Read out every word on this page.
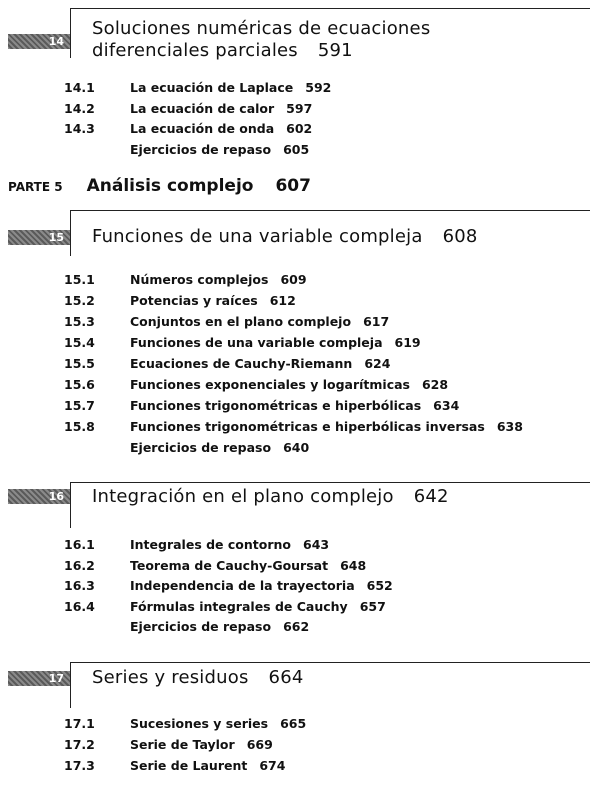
14
Soluciones numéricas de ecuaciones
diferenciales parciales 591
14.1	La ecuación de Laplace 592
14.2	La ecuación de calor 597
14.3	La ecuación de onda 602
Ejercicios de repaso 605
PARTE 5 Análisis complejo 607
15	Funciones de una variable compleja 608
15.1	Números complejos 609
15.2	Potencias y raíces 612
15.3	Conjuntos en el plano complejo 617
15.4	Funciones de una variable compleja 619
15.5	Ecuaciones de Cauchy-Riemann 624
15.6	Funciones exponenciales y logarítmicas 628
15.7	Funciones trigonométricas e hiperbólicas 634
15.8	Funciones trigonométricas e hiperbólicas inversas 638
Ejercicios de repaso 640
16	Integración en el plano complejo 642
16.1	Integrales de contorno 643
16.2	Teorema de Cauchy-Goursat 648
16.3	Independencia de la trayectoria 652
16.4	Fórmulas integrales de Cauchy 657
Ejercicios de repaso 662
17	Series y residuos 664
17.1	Sucesiones y series 665
17.2	Serie de Taylor 669
17.3	Serie de Laurent 674
